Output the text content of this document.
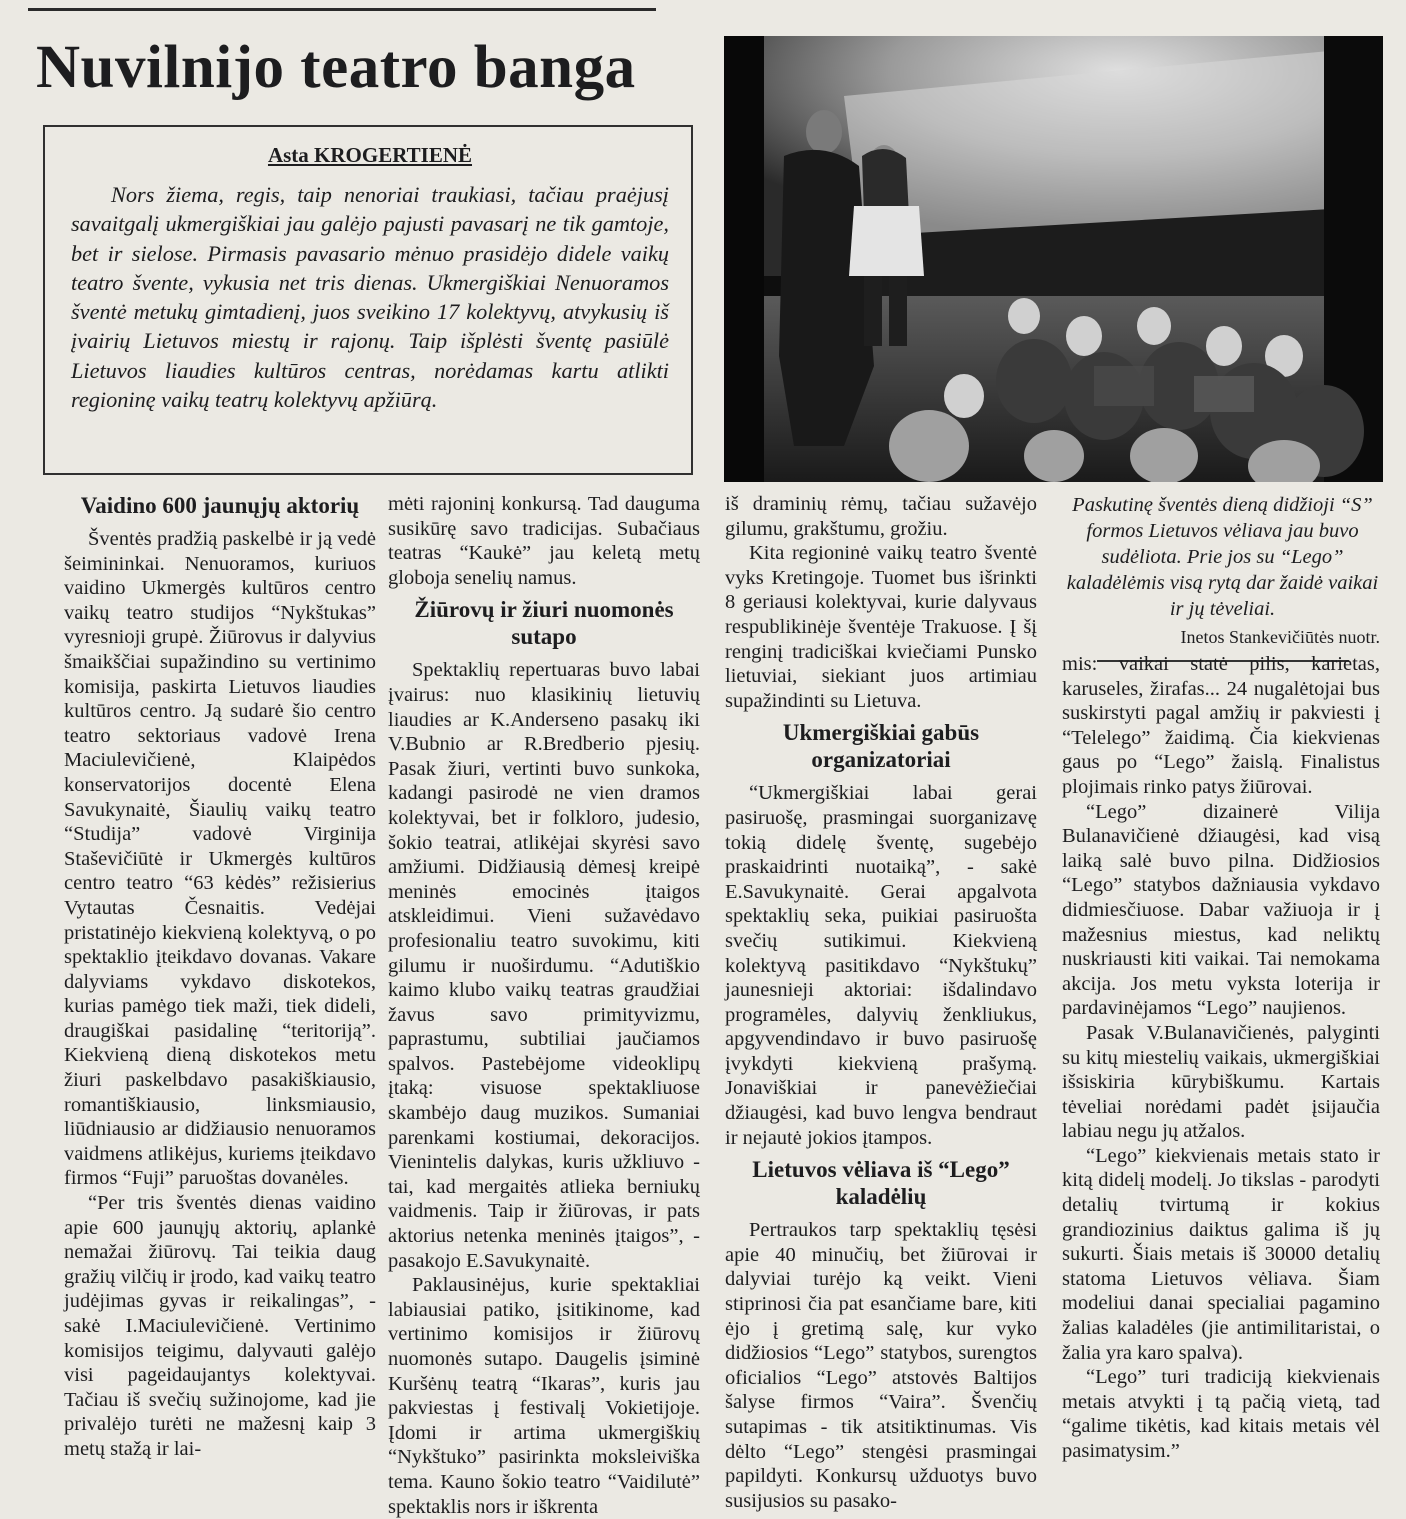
Nuvilnijo teatro banga
Asta KROGERTIENĖ

Nors žiema, regis, taip nenoriai traukiasi, tačiau praėjusį savaitgalį ukmergiškiai jau galėjo pajusti pavasarį ne tik gamtoje, bet ir sielose. Pirmasis pavasario mėnuo prasidėjo didele vaikų teatro švente, vykusia net tris dienas. Ukmergiškiai Nenuoramos šventė metukų gimtadienį, juos sveikino 17 kolektyvų, atvykusių iš įvairių Lietuvos miestų ir rajonų. Taip išplėsti šventę pasiūlė Lietuvos liaudies kultūros centras, norėdamas kartu atlikti regioninę vaikų teatrų kolektyvų apžiūrą.

Paskutinę šventės dieną didžioji “S” formos Lietuvos vėliava jau buvo sudėliota. Prie jos su “Lego” kaladėlėmis visą rytą dar žaidė vaikai ir jų tėveliai.

Inetos Stankevičiūtės nuotr.

Vaidino 600 jaunųjų aktorių

Šventės pradžią paskelbė ir ją vedė šeimininkai. Nenuoramos, kuriuos vaidino Ukmergės kultūros centro vaikų teatro studijos “Nykštukas” vyresnioji grupė. Žiūrovus ir dalyvius šmaikščiai supažindino su vertinimo komisija, paskirta Lietuvos liaudies kultūros centro. Ją sudarė šio centro teatro sektoriaus vadovė Irena Maciulevičienė, Klaipėdos konservatorijos docentė Elena Savukynaitė, Šiaulių vaikų teatro “Studija” vadovė Virginija Staševičiūtė ir Ukmergės kultūros centro teatro “63 kėdės” režisierius Vytautas Česnaitis. Vedėjai pristatinėjo kiekvieną kolektyvą, o po spektaklio įteikdavo dovanas. Vakare dalyviams vykdavo diskotekos, kurias pamėgo tiek maži, tiek dideli, draugiškai pasidalinę “teritoriją”. Kiekvieną dieną diskotekos metu žiuri paskelbdavo pasakiškiausio, romantiškiausio, linksmiausio, liūdniausio ar didžiausio nenuoramos vaidmens atlikėjus, kuriems įteikdavo firmos “Fuji” paruoštas dovanėles.

“Per tris šventės dienas vaidino apie 600 jaunųjų aktorių, aplankė nemažai žiūrovų. Tai teikia daug gražių vilčių ir įrodo, kad vaikų teatro judėjimas gyvas ir reikalingas”, - sakė I.Maciulevičienė. Vertinimo komisijos teigimu, dalyvauti galėjo visi pageidaujantys kolektyvai. Tačiau iš svečių sužinojome, kad jie privalėjo turėti ne mažesnį kaip 3 metų stažą ir lai-

mėti rajoninį konkursą. Tad dauguma susikūrę savo tradicijas. Subačiaus teatras “Kaukė” jau keletą metų globoja senelių namus.

Žiūrovų ir žiuri nuomonės sutapo

Spektaklių repertuaras buvo labai įvairus: nuo klasikinių lietuvių liaudies ar K.Anderseno pasakų iki V.Bubnio ar R.Bredberio pjesių. Pasak žiuri, vertinti buvo sunkoka, kadangi pasirodė ne vien dramos kolektyvai, bet ir folkloro, judesio, šokio teatrai, atlikėjai skyrėsi savo amžiumi. Didžiausią dėmesį kreipė meninės emocinės įtaigos atskleidimui. Vieni sužavėdavo profesionaliu teatro suvokimu, kiti gilumu ir nuoširdumu. “Adutiškio kaimo klubo vaikų teatras graudžiai žavus savo primityvizmu, paprastumu, subtiliai jaučiamos spalvos. Pastebėjome videoklipų įtaką: visuose spektakliuose skambėjo daug muzikos. Sumaniai parenkami kostiumai, dekoracijos. Vienintelis dalykas, kuris užkliuvo - tai, kad mergaitės atlieka berniukų vaidmenis. Taip ir žiūrovas, ir pats aktorius netenka meninės įtaigos”, - pasakojo E.Savukynaitė.

Paklausinėjus, kurie spektakliai labiausiai patiko, įsitikinome, kad vertinimo komisijos ir žiūrovų nuomonės sutapo. Daugelis įsiminė Kuršėnų teatrą “Ikaras”, kuris jau pakviestas į festivalį Vokietijoje. Įdomi ir artima ukmergiškių “Nykštuko” pasirinkta moksleiviška tema. Kauno šokio teatro “Vaidilutė” spektaklis nors ir iškrenta

iš draminių rėmų, tačiau sužavėjo gilumu, grakštumu, grožiu.

Kita regioninė vaikų teatro šventė vyks Kretingoje. Tuomet bus išrinkti 8 geriausi kolektyvai, kurie dalyvaus respublikinėje šventėje Trakuose. Į šį renginį tradiciškai kviečiami Punsko lietuviai, siekiant juos artimiau supažindinti su Lietuva.

Ukmergiškiai gabūs organizatoriai

“Ukmergiškiai labai gerai pasiruošę, prasmingai suorganizavę tokią didelę šventę, sugebėjo praskaidrinti nuotaiką”, - sakė E.Savukynaitė. Gerai apgalvota spektaklių seka, puikiai pasiruošta svečių sutikimui. Kiekvieną kolektyvą pasitikdavo “Nykštukų” jaunesnieji aktoriai: išdalindavo programėles, dalyvių ženkliukus, apgyvendindavo ir buvo pasiruošę įvykdyti kiekvieną prašymą. Jonaviškiai ir panevėžiečiai džiaugėsi, kad buvo lengva bendraut ir nejautė jokios įtampos.

Lietuvos vėliava iš “Lego” kaladėlių

Pertraukos tarp spektaklių tęsėsi apie 40 minučių, bet žiūrovai ir dalyviai turėjo ką veikt. Vieni stiprinosi čia pat esančiame bare, kiti ėjo į gretimą salę, kur vyko didžiosios “Lego” statybos, surengtos oficialios “Lego” atstovės Baltijos šalyse firmos “Vaira”. Švenčių sutapimas - tik atsitiktinumas. Vis dėlto “Lego” stengėsi prasmingai papildyti. Konkursų užduotys buvo susijusios su pasako-

mis: vaikai statė pilis, karietas, karuseles, žirafas... 24 nugalėtojai bus suskirstyti pagal amžių ir pakviesti į “Telelego” žaidimą. Čia kiekvienas gaus po “Lego” žaislą. Finalistus plojimais rinko patys žiūrovai.

“Lego” dizainerė Vilija Bulanavičienė džiaugėsi, kad visą laiką salė buvo pilna. Didžiosios “Lego” statybos dažniausia vykdavo didmiesčiuose. Dabar važiuoja ir į mažesnius miestus, kad neliktų nuskriausti kiti vaikai. Tai nemokama akcija. Jos metu vyksta loterija ir pardavinėjamos “Lego” naujienos.

Pasak V.Bulanavičienės, palyginti su kitų miestelių vaikais, ukmergiškiai išsiskiria kūrybiškumu. Kartais tėveliai norėdami padėt įsijaučia labiau negu jų atžalos.

“Lego” kiekvienais metais stato ir kitą didelį modelį. Jo tikslas - parodyti detalių tvirtumą ir kokius grandiozinius daiktus galima iš jų sukurti. Šiais metais iš 30000 detalių statoma Lietuvos vėliava. Šiam modeliui danai specialiai pagamino žalias kaladėles (jie antimilitaristai, o žalia yra karo spalva).

“Lego” turi tradiciją kiekvienais metais atvykti į tą pačią vietą, tad “galime tikėtis, kad kitais metais vėl pasimatysim.”
